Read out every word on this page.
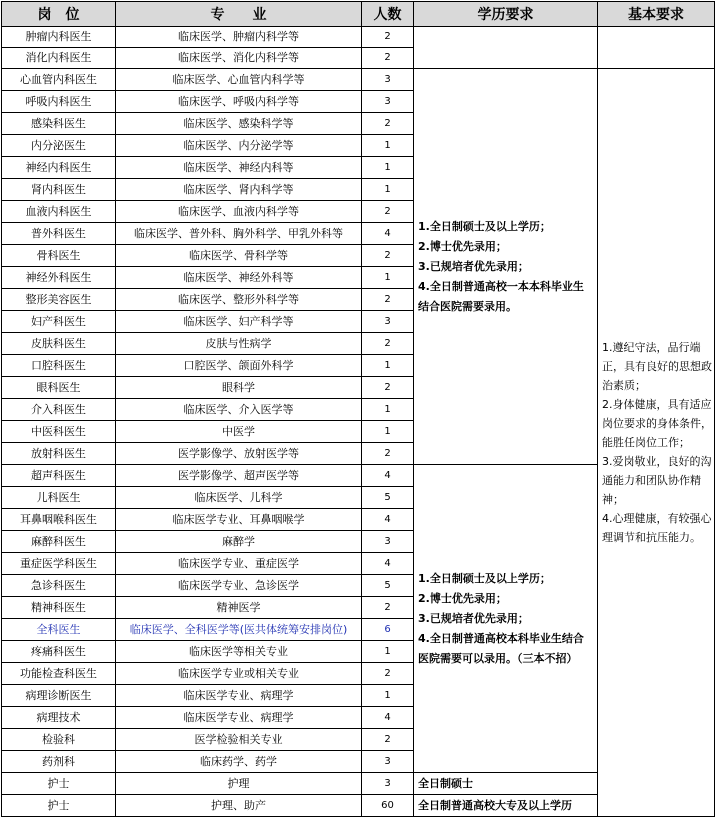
岗　位	专　　业	人数	学历要求	基本要求
肿瘤内科医生	临床医学、肿瘤内科学等	2		
消化内科医生	临床医学、消化内科学等	2		
心血管内科医生	临床医学、心血管内科学等	3	1.全日制硕士及以上学历；
2.博士优先录用；
3.已规培者优先录用；
4.全日制普通高校一本本科毕业生结合医院需要录用。	1.遵纪守法，品行端正，具有良好的思想政治素质；
2.身体健康，具有适应岗位要求的身体条件，能胜任岗位工作；
3.爱岗敬业，良好的沟通能力和团队协作精神；
4.心理健康，有较强心理调节和抗压能力。

呼吸内科医生	临床医学、呼吸内科学等	3		
感染科医生	临床医学、感染科学等	2		
内分泌医生	临床医学、内分泌学等	1		
神经内科医生	临床医学、神经内科等	1		
肾内科医生	临床医学、肾内科学等	1		
血液内科医生	临床医学、血液内科学等	2		
普外科医生	临床医学、普外科、胸外科学、甲乳外科等	4		
骨科医生	临床医学、骨科学等	2		
神经外科医生	临床医学、神经外科等	1		
整形美容医生	临床医学、整形外科学等	2		
妇产科医生	临床医学、妇产科学等	3		
皮肤科医生	皮肤与性病学	2		
口腔科医生	口腔医学、颌面外科学	1		
眼科医生	眼科学	2		
介入科医生	临床医学、介入医学等	1		
中医科医生	中医学	1		
放射科医生	医学影像学、放射医学等	2		
超声科医生	医学影像学、超声医学等	4	1.全日制硕士及以上学历；
2.博士优先录用；
3.已规培者优先录用；
4.全日制普通高校本科毕业生结合医院需要可以录用。（三本不招）	

儿科医生	临床医学、儿科学	5		
耳鼻咽喉科医生	临床医学专业、耳鼻咽喉学	4		
麻醉科医生	麻醉学	3		
重症医学科医生	临床医学专业、重症医学	4		
急诊科医生	临床医学专业、急诊医学	5		
精神科医生	精神医学	2		
全科医生	临床医学、全科医学等(医共体统筹安排岗位)	6		
疼痛科医生	临床医学等相关专业	1		
功能检查科医生	临床医学专业或相关专业	2		
病理诊断医生	临床医学专业、病理学	1		
病理技术	临床医学专业、病理学	4		
检验科	医学检验相关专业	2		
药剂科	临床药学、药学	3		
护士	护理	3	全日制硕士	
护士	护理、助产	60	全日制普通高校大专及以上学历	
